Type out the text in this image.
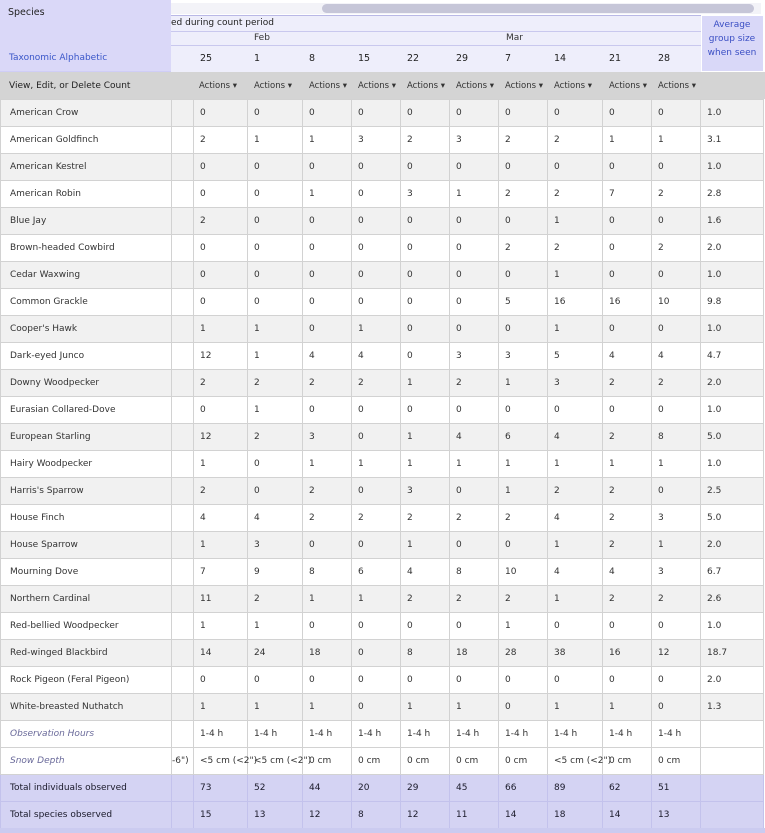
Species
Taxonomic Alphabetic
ed during count period
Feb	Mar
25	1	8	15	22	29	7	14	21	28
Average
group size
when seen
View, Edit, or Delete Count	Actions ▾ Actions ▾ Actions ▾ Actions ▾ Actions ▾ Actions ▾ Actions ▾ Actions ▾ Actions ▾ Actions ▾
American Crow		0	0	0	0	0	0	0	0	0	0	1.0
American Goldfinch		2	1	1	3	2	3	2	2	1	1	3.1
American Kestrel		0	0	0	0	0	0	0	0	0	0	1.0
American Robin		0	0	1	0	3	1	2	2	7	2	2.8
Blue Jay		2	0	0	0	0	0	0	1	0	0	1.6
Brown-headed Cowbird		0	0	0	0	0	0	2	2	0	2	2.0
Cedar Waxwing		0	0	0	0	0	0	0	1	0	0	1.0
Common Grackle		0	0	0	0	0	0	5	16	16	10	9.8
Cooper's Hawk		1	1	0	1	0	0	0	1	0	0	1.0
Dark-eyed Junco		12	1	4	4	0	3	3	5	4	4	4.7
Downy Woodpecker		2	2	2	2	1	2	1	3	2	2	2.0
Eurasian Collared-Dove		0	1	0	0	0	0	0	0	0	0	1.0
European Starling		12	2	3	0	1	4	6	4	2	8	5.0
Hairy Woodpecker		1	0	1	1	1	1	1	1	1	1	1.0
Harris's Sparrow		2	0	2	0	3	0	1	2	2	0	2.5
House Finch		4	4	2	2	2	2	2	4	2	3	5.0
House Sparrow		1	3	0	0	1	0	0	1	2	1	2.0
Mourning Dove		7	9	8	6	4	8	10	4	4	3	6.7
Northern Cardinal		11	2	1	1	2	2	2	1	2	2	2.6
Red-bellied Woodpecker		1	1	0	0	0	0	1	0	0	0	1.0
Red-winged Blackbird		14	24	18	0	8	18	28	38	16	12	18.7
Rock Pigeon (Feral Pigeon)		0	0	0	0	0	0	0	0	0	0	2.0
White-breasted Nuthatch		1	1	1	0	1	1	0	1	1	0	1.3
Observation Hours		1-4 h	1-4 h	1-4 h	1-4 h	1-4 h	1-4 h	1-4 h	1-4 h	1-4 h	1-4 h	
Snow Depth	-6")	<5 cm (<2")	<5 cm (<2")	0 cm	0 cm	0 cm	0 cm	0 cm	<5 cm (<2")	0 cm	0 cm	
Total individuals observed		73	52	44	20	29	45	66	89	62	51	
Total species observed		15	13	12	8	12	11	14	18	14	13	
